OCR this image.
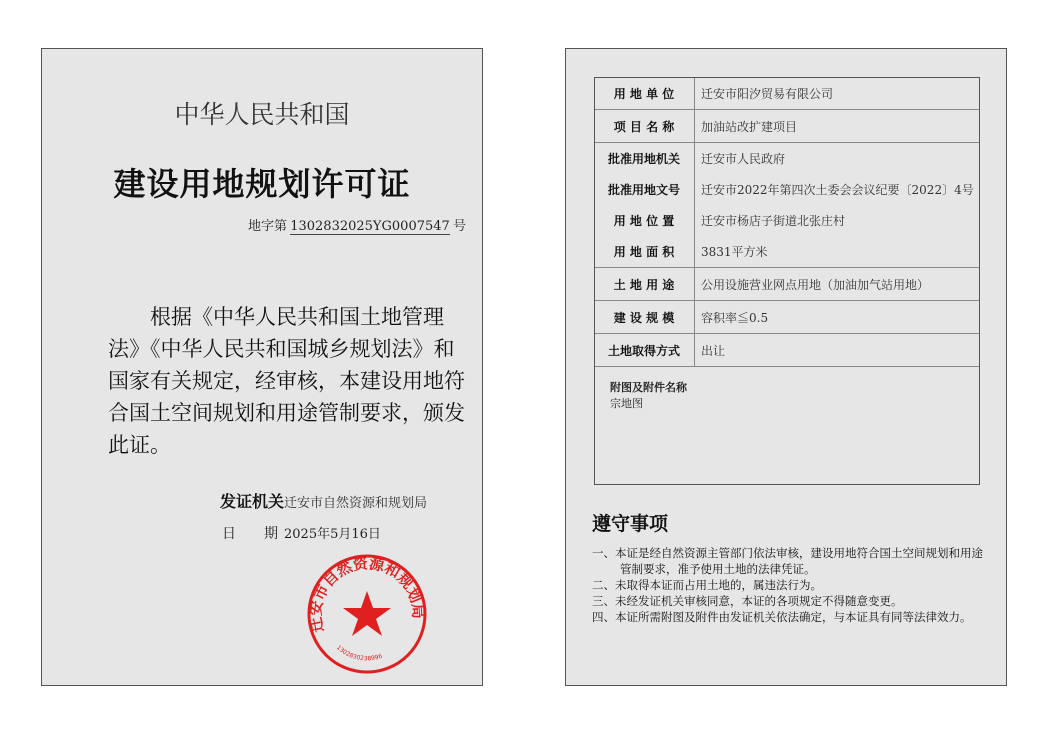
中华人民共和国
建设用地规划许可证
地字第 1302832025YG0007547 号
根据《中华人民共和国土地管理法》《中华人民共和国城乡规划法》和国家有关规定，经审核，本建设用地符合国土空间规划和用途管制要求，颁发此证。
发证机关迁安市自然资源和规划局
日　　期 2025年5月16日
迁安市自然资源和规划局
1302830238996
用 地 单 位	迁安市阳汐贸易有限公司
项 目 名 称	加油站改扩建项目
批准用地机关	迁安市人民政府
批准用地文号	迁安市2022年第四次土委会会议纪要〔2022〕4号
用 地 位 置	迁安市杨店子街道北张庄村
用 地 面 积	3831平方米
土 地 用 途	公用设施营业网点用地（加油加气站用地）
建 设 规 模	容积率≦0.5
土地取得方式	出让
附图及附件名称
宗地图
遵守事项
一、本证是经自然资源主管部门依法审核，建设用地符合国土空间规划和用途管制要求，准予使用土地的法律凭证。
二、未取得本证而占用土地的，属违法行为。
三、未经发证机关审核同意，本证的各项规定不得随意变更。
四、本证所需附图及附件由发证机关依法确定，与本证具有同等法律效力。
